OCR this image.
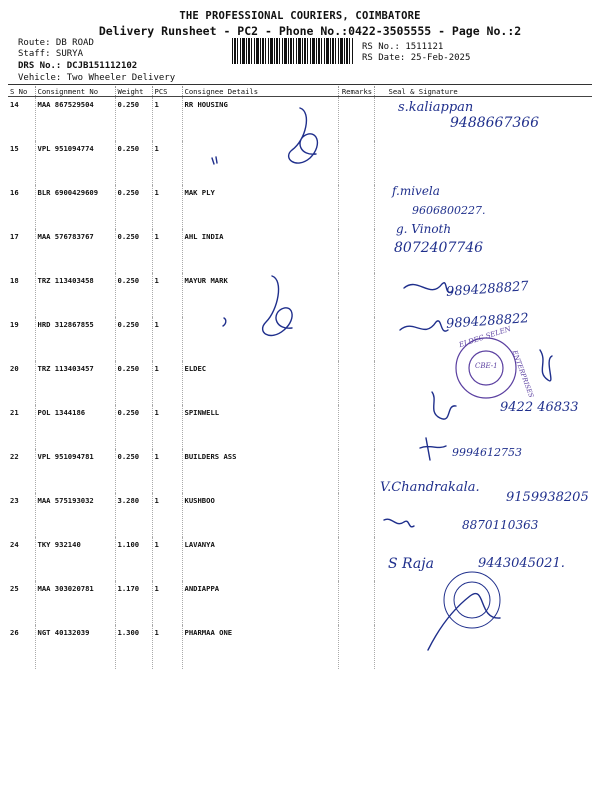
THE PROFESSIONAL COURIERS, COIMBATORE
Delivery Runsheet - PC2 - Phone No.:0422-3505555 - Page No.:2
Route: DB ROAD
Staff: SURYA
DRS No.: DCJB151112102
Vehicle: Two Wheeler Delivery
RS No.: 1511121
RS Date: 25-Feb-2025
S No	Consignment No	Weight	PCS	Consignee Details	Remarks	Seal & Signature
14	MAA 867529504	0.250	1	RR HOUSING		
15	VPL 951094774	0.250	1			
16	BLR 6900429609	0.250	1	MAK PLY		
17	MAA 576783767	0.250	1	AHL INDIA		
18	TRZ 113403458	0.250	1	MAYUR MARK		
19	HRD 312867855	0.250	1			
20	TRZ 113403457	0.250	1	ELDEC		
21	POL 1344186	0.250	1	SPINWELL		
22	VPL 951094781	0.250	1	BUILDERS ASS		
23	MAA 575193032	3.280	1	KUSHBOO		
24	TKY 932140	1.100	1	LAVANYA		
25	MAA 303020781	1.170	1	ANDIAPPA		
26	NGT 40132039	1.300	1	PHARMAA ONE		
s.kaliappan
9488667366
f.mivela
9606800227.
g. Vinoth
8072407746
9894288827
9894288822
ELDEC SELEN
ENTERPRISES
CBE-1
9422 46833
9994612753
V.Chandrakala.
9159938205
8870110363
S Raja	9443045021.
